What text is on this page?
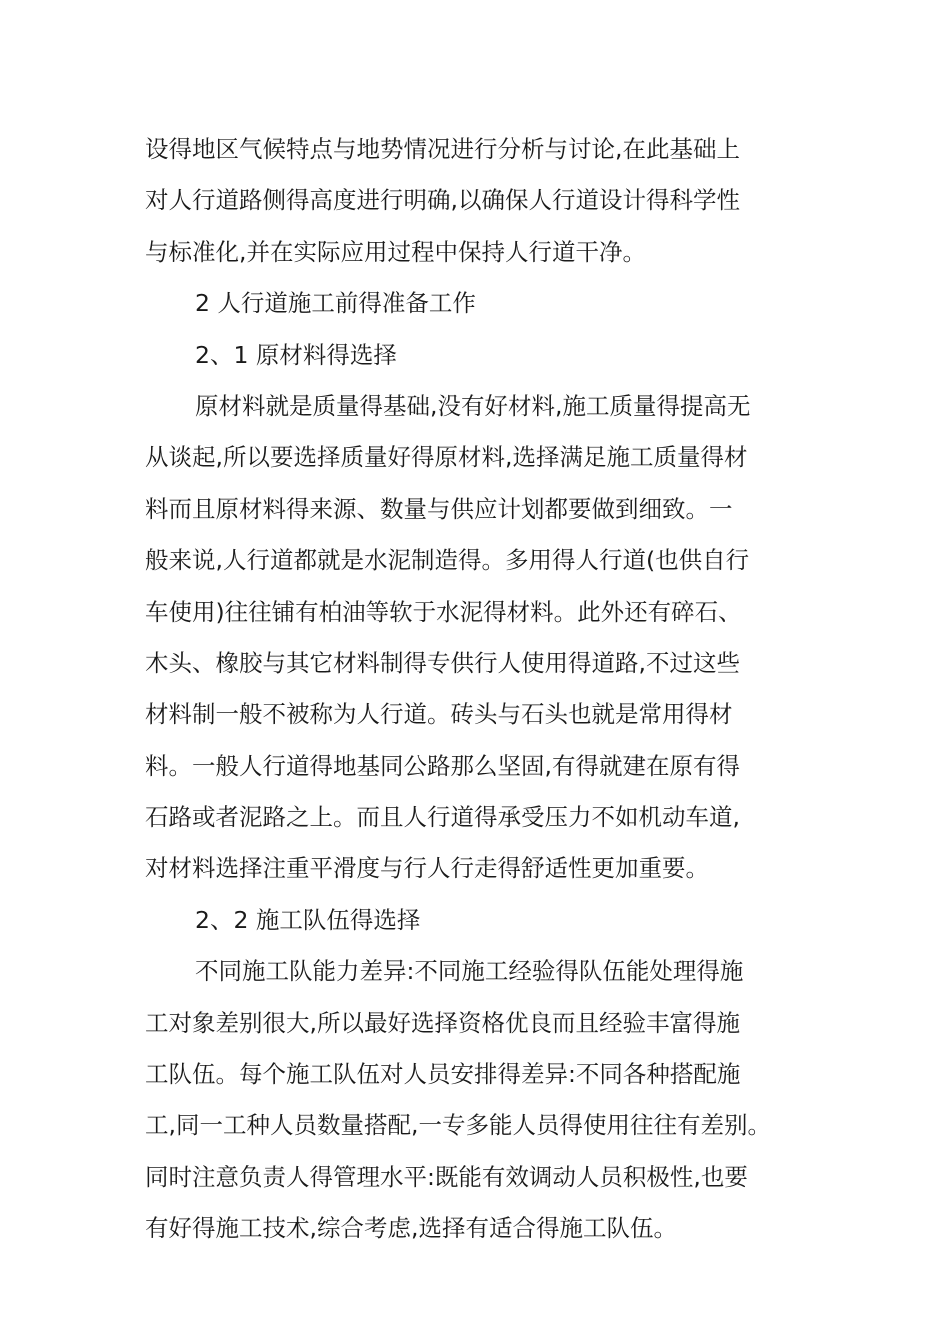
设得地区气候特点与地势情况进行分析与讨论,在此基础上
对人行道路侧得高度进行明确,以确保人行道设计得科学性
与标准化,并在实际应用过程中保持人行道干净。
2 人行道施工前得准备工作
2、1 原材料得选择
原材料就是质量得基础,没有好材料,施工质量得提高无
从谈起,所以要选择质量好得原材料,选择满足施工质量得材
料而且原材料得来源、数量与供应计划都要做到细致。一
般来说,人行道都就是水泥制造得。多用得人行道(也供自行
车使用)往往铺有柏油等软于水泥得材料。此外还有碎石、
木头、橡胶与其它材料制得专供行人使用得道路,不过这些
材料制一般不被称为人行道。砖头与石头也就是常用得材
料。一般人行道得地基同公路那么坚固,有得就建在原有得
石路或者泥路之上。而且人行道得承受压力不如机动车道,
对材料选择注重平滑度与行人行走得舒适性更加重要。
2、2 施工队伍得选择
不同施工队能力差异:不同施工经验得队伍能处理得施
工对象差别很大,所以最好选择资格优良而且经验丰富得施
工队伍。每个施工队伍对人员安排得差异:不同各种搭配施
工,同一工种人员数量搭配,一专多能人员得使用往往有差别。
同时注意负责人得管理水平:既能有效调动人员积极性,也要
有好得施工技术,综合考虑,选择有适合得施工队伍。
